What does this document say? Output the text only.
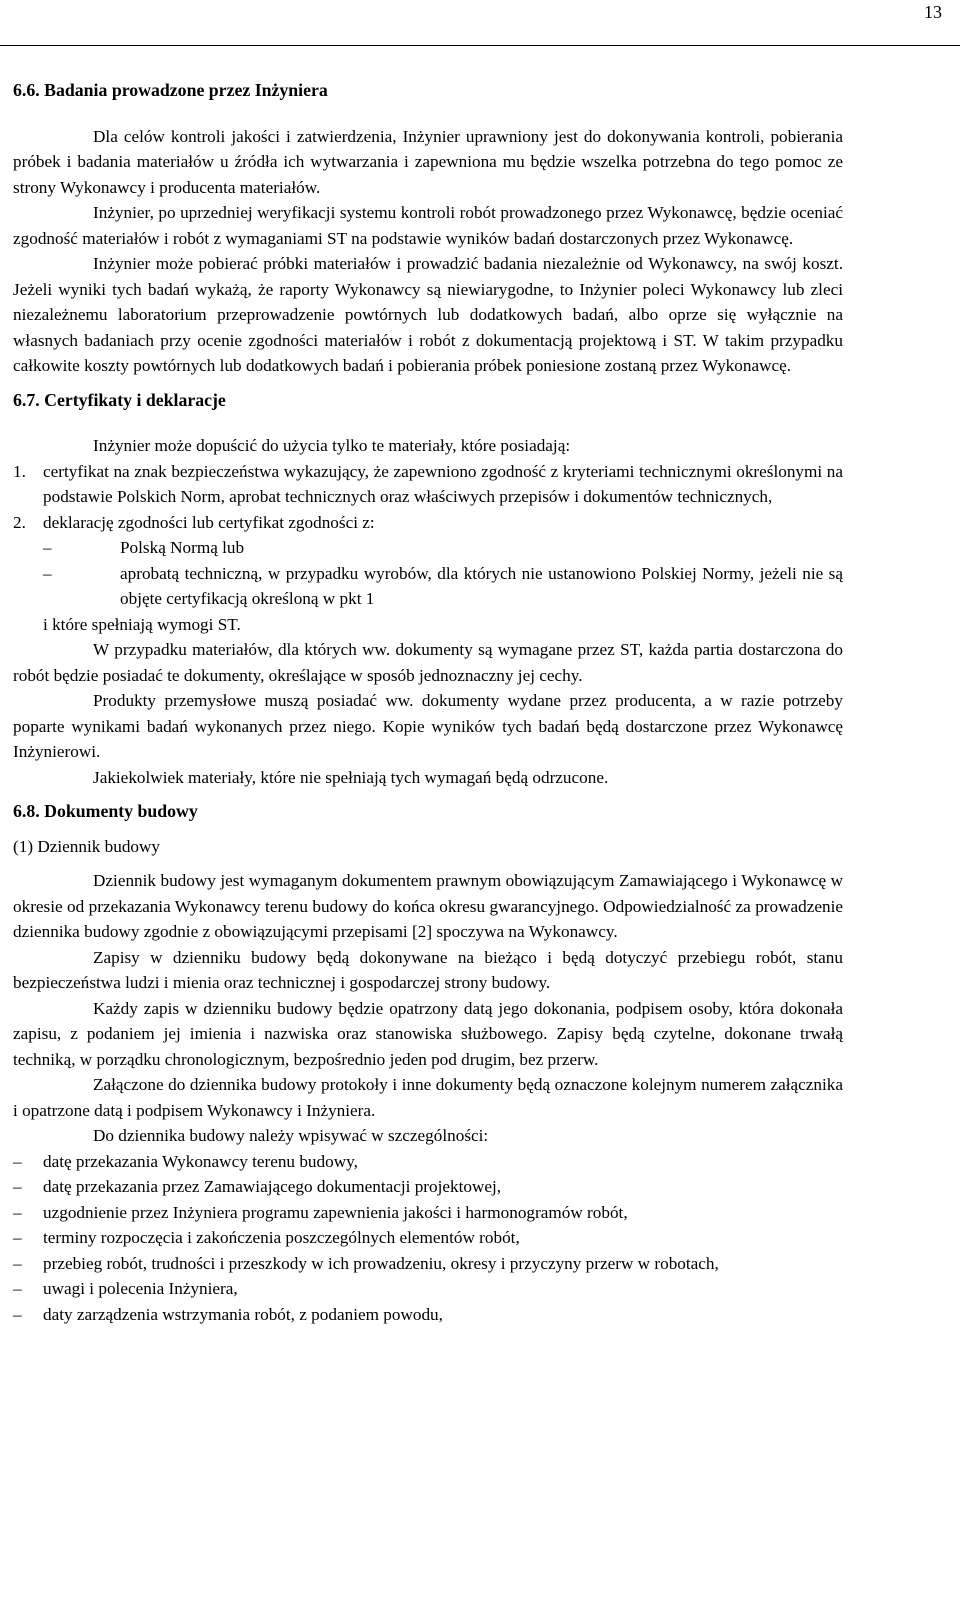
13

6.6. Badania prowadzone przez Inżyniera

Dla celów kontroli jakości i zatwierdzenia, Inżynier uprawniony jest do dokonywania kontroli, pobierania próbek i badania materiałów u źródła ich wytwarzania i zapewniona mu będzie wszelka potrzebna do tego pomoc ze strony Wykonawcy i producenta materiałów.

Inżynier, po uprzedniej weryfikacji systemu kontroli robót prowadzonego przez Wykonawcę, będzie oceniać zgodność materiałów i robót z wymaganiami ST na podstawie wyników badań dostarczonych przez Wykonawcę.

Inżynier może pobierać próbki materiałów i prowadzić badania niezależnie od Wykonawcy, na swój koszt. Jeżeli wyniki tych badań wykażą, że raporty Wykonawcy są niewiarygodne, to Inżynier poleci Wykonawcy lub zleci niezależnemu laboratorium przeprowadzenie powtórnych lub dodatkowych badań, albo oprze się wyłącznie na własnych badaniach przy ocenie zgodności materiałów i robót z dokumentacją projektową i ST. W takim przypadku całkowite koszty powtórnych lub dodatkowych badań i pobierania próbek poniesione zostaną przez Wykonawcę.

6.7. Certyfikaty i deklaracje

Inżynier może dopuścić do użycia tylko te materiały, które posiadają:

1. certyfikat na znak bezpieczeństwa wykazujący, że zapewniono zgodność z kryteriami technicznymi określonymi na podstawie Polskich Norm, aprobat technicznych oraz właściwych przepisów i dokumentów technicznych,
2. deklarację zgodności lub certyfikat zgodności z:
–	Polską Normą lub
–	aprobatą techniczną, w przypadku wyrobów, dla których nie ustanowiono Polskiej Normy, jeżeli nie są objęte certyfikacją określoną w pkt 1

i które spełniają wymogi ST.

W przypadku materiałów, dla których ww. dokumenty są wymagane przez ST, każda partia dostarczona do robót będzie posiadać te dokumenty, określające w sposób jednoznaczny jej cechy.

Produkty przemysłowe muszą posiadać ww. dokumenty wydane przez producenta, a w razie potrzeby poparte wynikami badań wykonanych przez niego. Kopie wyników tych badań będą dostarczone przez Wykonawcę Inżynierowi.

Jakiekolwiek materiały, które nie spełniają tych wymagań będą odrzucone.

6.8. Dokumenty budowy

(1) Dziennik budowy

Dziennik budowy jest wymaganym dokumentem prawnym obowiązującym Zamawiającego i Wykonawcę w okresie od przekazania Wykonawcy terenu budowy do końca okresu gwarancyjnego. Odpowiedzialność za prowadzenie dziennika budowy zgodnie z obowiązującymi przepisami [2] spoczywa na Wykonawcy.

Zapisy w dzienniku budowy będą dokonywane na bieżąco i będą dotyczyć przebiegu robót, stanu bezpieczeństwa ludzi i mienia oraz technicznej i gospodarczej strony budowy.

Każdy zapis w dzienniku budowy będzie opatrzony datą jego dokonania, podpisem osoby, która dokonała zapisu, z podaniem jej imienia i nazwiska oraz stanowiska służbowego. Zapisy będą czytelne, dokonane trwałą techniką, w porządku chronologicznym, bezpośrednio jeden pod drugim, bez przerw.

Załączone do dziennika budowy protokoły i inne dokumenty będą oznaczone kolejnym numerem załącznika i opatrzone datą i podpisem Wykonawcy i Inżyniera.

Do dziennika budowy należy wpisywać w szczególności:

–	datę przekazania Wykonawcy terenu budowy,
–	datę przekazania przez Zamawiającego dokumentacji projektowej,
–	uzgodnienie przez Inżyniera programu zapewnienia jakości i harmonogramów robót,
–	terminy rozpoczęcia i zakończenia poszczególnych elementów robót,
–	przebieg robót, trudności i przeszkody w ich prowadzeniu, okresy i przyczyny przerw w robotach,
–	uwagi i polecenia Inżyniera,
–	daty zarządzenia wstrzymania robót, z podaniem powodu,
